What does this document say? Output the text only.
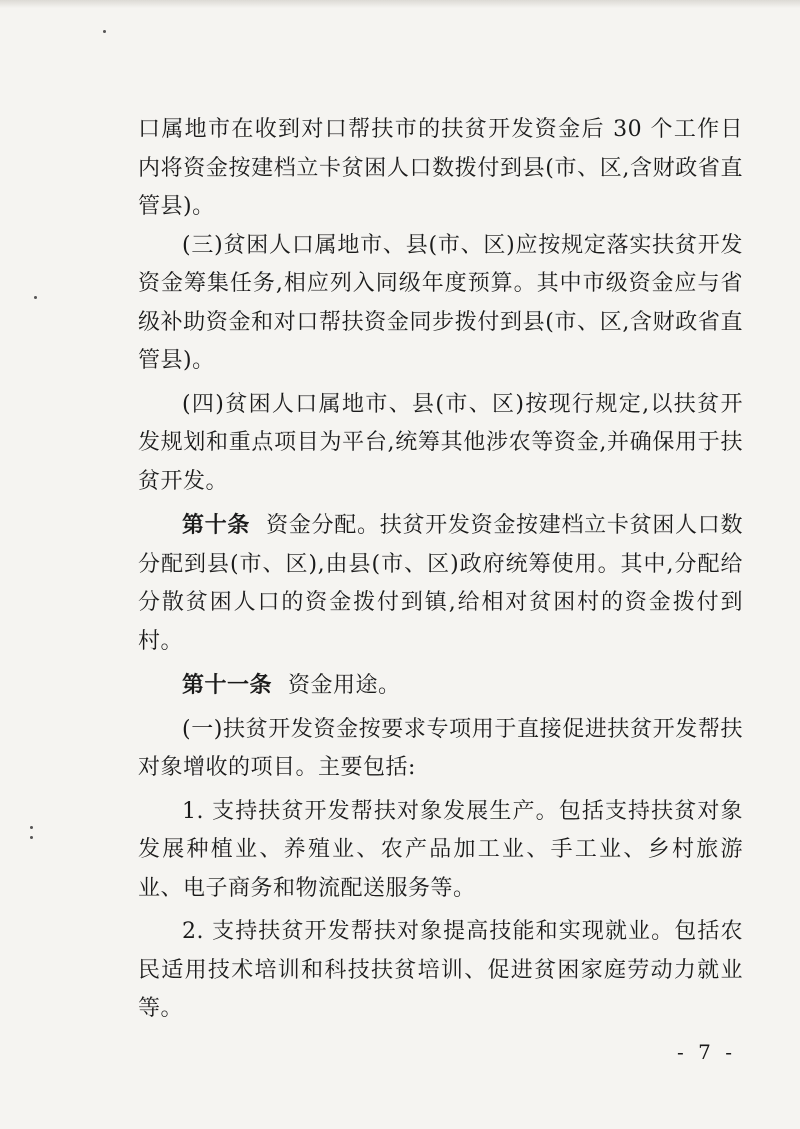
口属地市在收到对口帮扶市的扶贫开发资金后 30 个工作日内将资金按建档立卡贫困人口数拨付到县(市、区,含财政省直管县)。

(三)贫困人口属地市、县(市、区)应按规定落实扶贫开发资金筹集任务,相应列入同级年度预算。其中市级资金应与省级补助资金和对口帮扶资金同步拨付到县(市、区,含财政省直管县)。

(四)贫困人口属地市、县(市、区)按现行规定,以扶贫开发规划和重点项目为平台,统筹其他涉农等资金,并确保用于扶贫开发。

第十条 资金分配。扶贫开发资金按建档立卡贫困人口数分配到县(市、区),由县(市、区)政府统筹使用。其中,分配给分散贫困人口的资金拨付到镇,给相对贫困村的资金拨付到村。

第十一条 资金用途。

(一)扶贫开发资金按要求专项用于直接促进扶贫开发帮扶对象增收的项目。主要包括:

1. 支持扶贫开发帮扶对象发展生产。包括支持扶贫对象发展种植业、养殖业、农产品加工业、手工业、乡村旅游业、电子商务和物流配送服务等。

2. 支持扶贫开发帮扶对象提高技能和实现就业。包括农民适用技术培训和科技扶贫培训、促进贫困家庭劳动力就业等。

- 7 -
